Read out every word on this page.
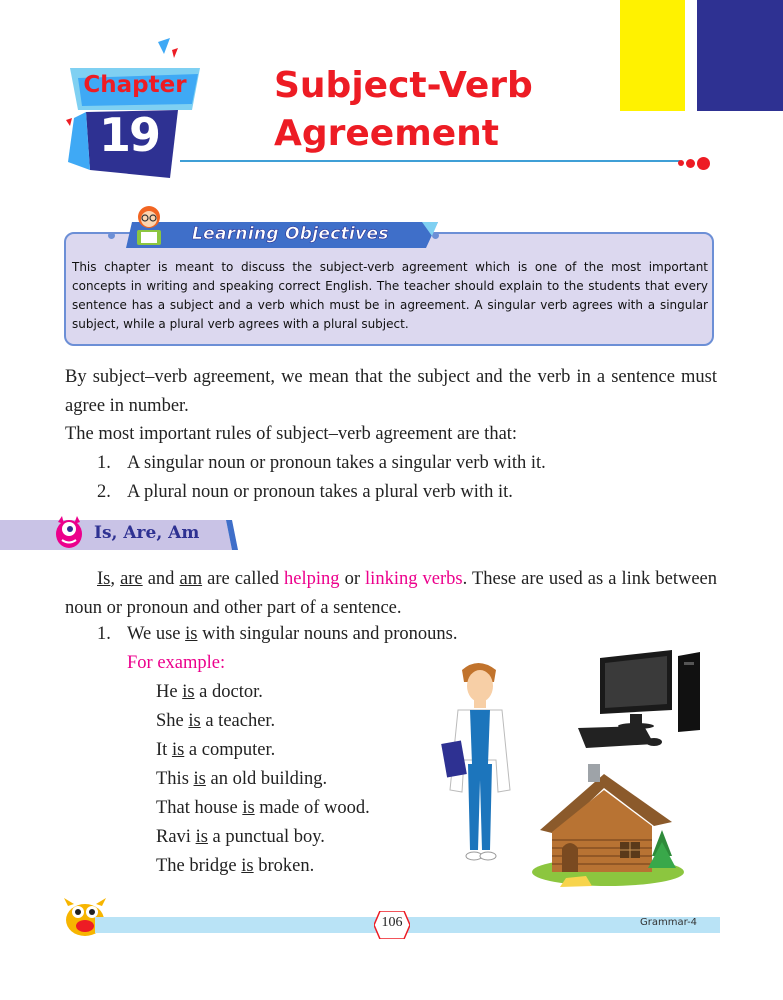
Chapter
19
Subject-Verb
Agreement
Learning Objectives
This chapter is meant to discuss the subject-verb agreement which is one of the most important concepts in writing and speaking correct English. The teacher should explain to the students that every sentence has a subject and a verb which must be in agreement. A singular verb agrees with a singular subject, while a plural verb agrees with a plural subject.
By subject–verb agreement, we mean that the subject and the verb in a sentence must agree in number.
The most important rules of subject–verb agreement are that:
1. A singular noun or pronoun takes a singular verb with it.
2. A plural noun or pronoun takes a plural verb with it.
Is, Are, Am
Is, are and am are called helping or linking verbs. These are used as a link between noun or pronoun and other part of a sentence.
1. We use is with singular nouns and pronouns.
For example:
He is a doctor.
She is a teacher.
It is a computer.
This is an old building.
That house is made of wood.
Ravi is a punctual boy.
The bridge is broken.
106	Grammar-4
